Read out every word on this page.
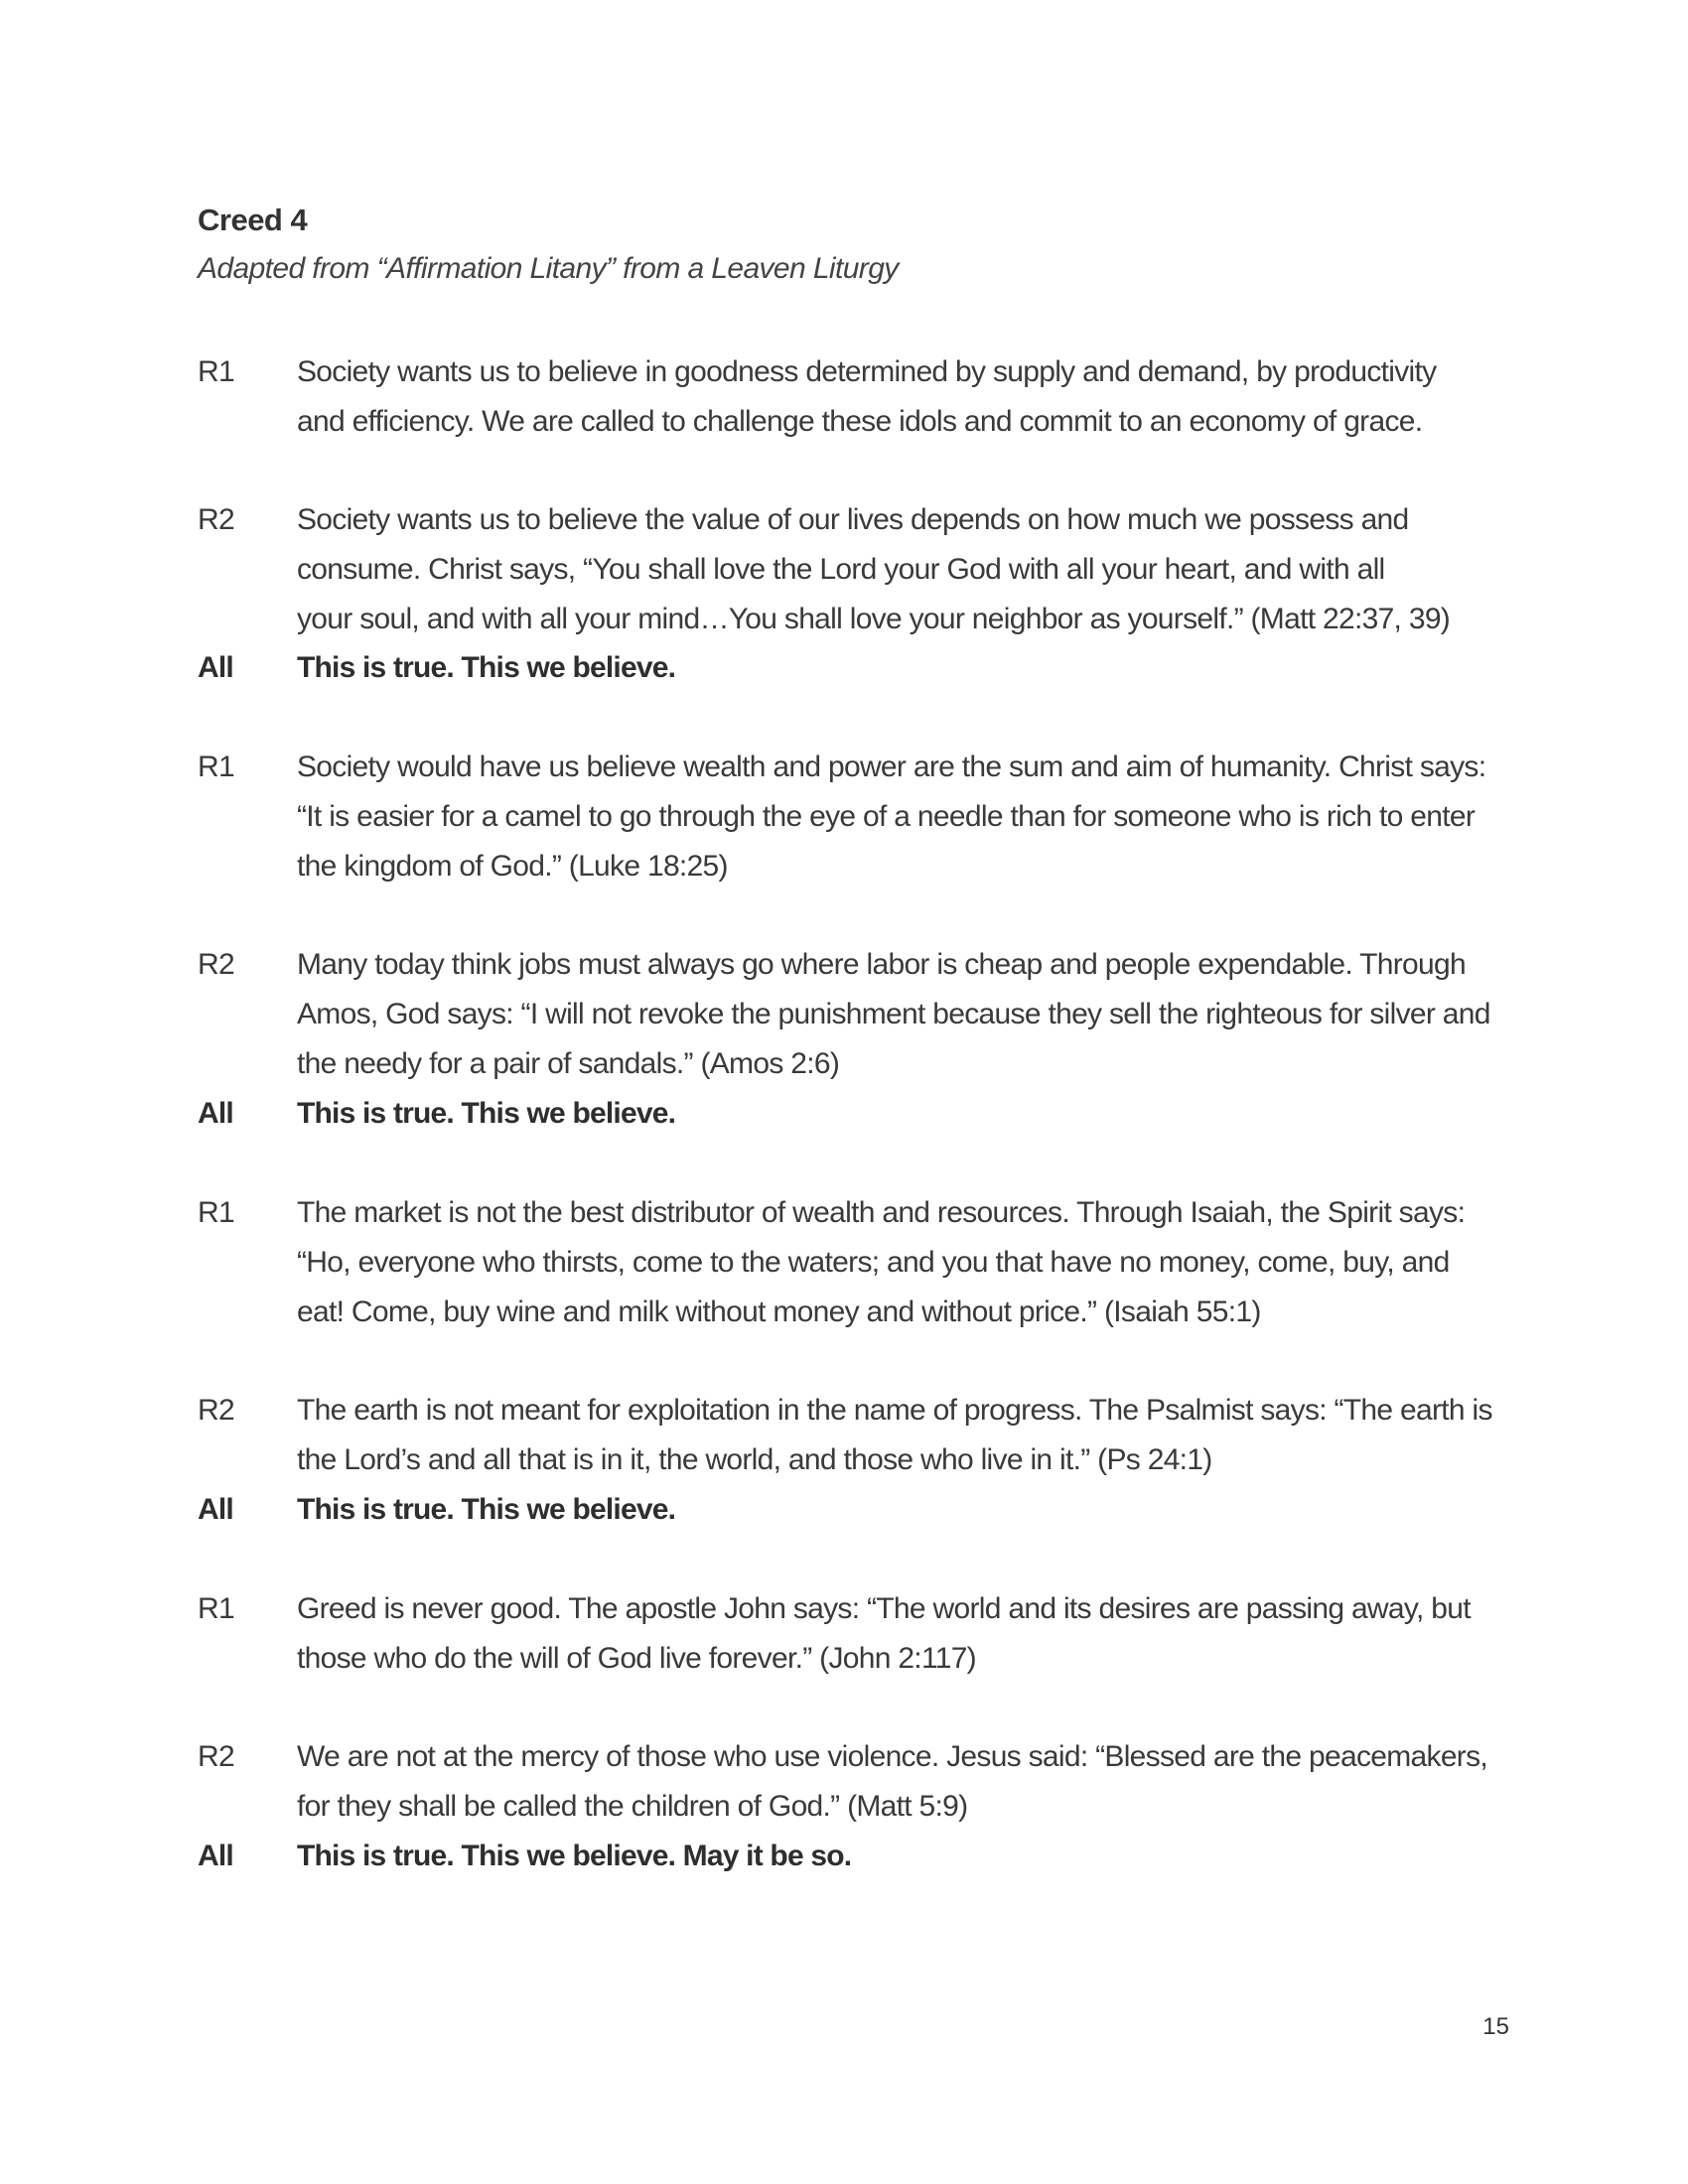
Creed 4
Adapted from “Affirmation Litany” from a Leaven Liturgy
R1	Society wants us to believe in goodness determined by supply and demand, by productivity
and efficiency. We are called to challenge these idols and commit to an economy of grace.
R2	Society wants us to believe the value of our lives depends on how much we possess and
consume. Christ says, “You shall love the Lord your God with all your heart, and with all
your soul, and with all your mind…You shall love your neighbor as yourself.” (Matt 22:37, 39)
All	This is true. This we believe.
R1	Society would have us believe wealth and power are the sum and aim of humanity. Christ says:
“It is easier for a camel to go through the eye of a needle than for someone who is rich to enter
the kingdom of God.” (Luke 18:25)
R2	Many today think jobs must always go where labor is cheap and people expendable. Through
Amos, God says: “I will not revoke the punishment because they sell the righteous for silver and
the needy for a pair of sandals.” (Amos 2:6)
All	This is true. This we believe.
R1	The market is not the best distributor of wealth and resources. Through Isaiah, the Spirit says:
“Ho, everyone who thirsts, come to the waters; and you that have no money, come, buy, and
eat! Come, buy wine and milk without money and without price.” (Isaiah 55:1)
R2	The earth is not meant for exploitation in the name of progress. The Psalmist says: “The earth is
the Lord’s and all that is in it, the world, and those who live in it.” (Ps 24:1)
All	This is true. This we believe.
R1	Greed is never good. The apostle John says: “The world and its desires are passing away, but
those who do the will of God live forever.” (John 2:117)
R2	We are not at the mercy of those who use violence. Jesus said: “Blessed are the peacemakers,
for they shall be called the children of God.” (Matt 5:9)
All	This is true. This we believe. May it be so.
15
